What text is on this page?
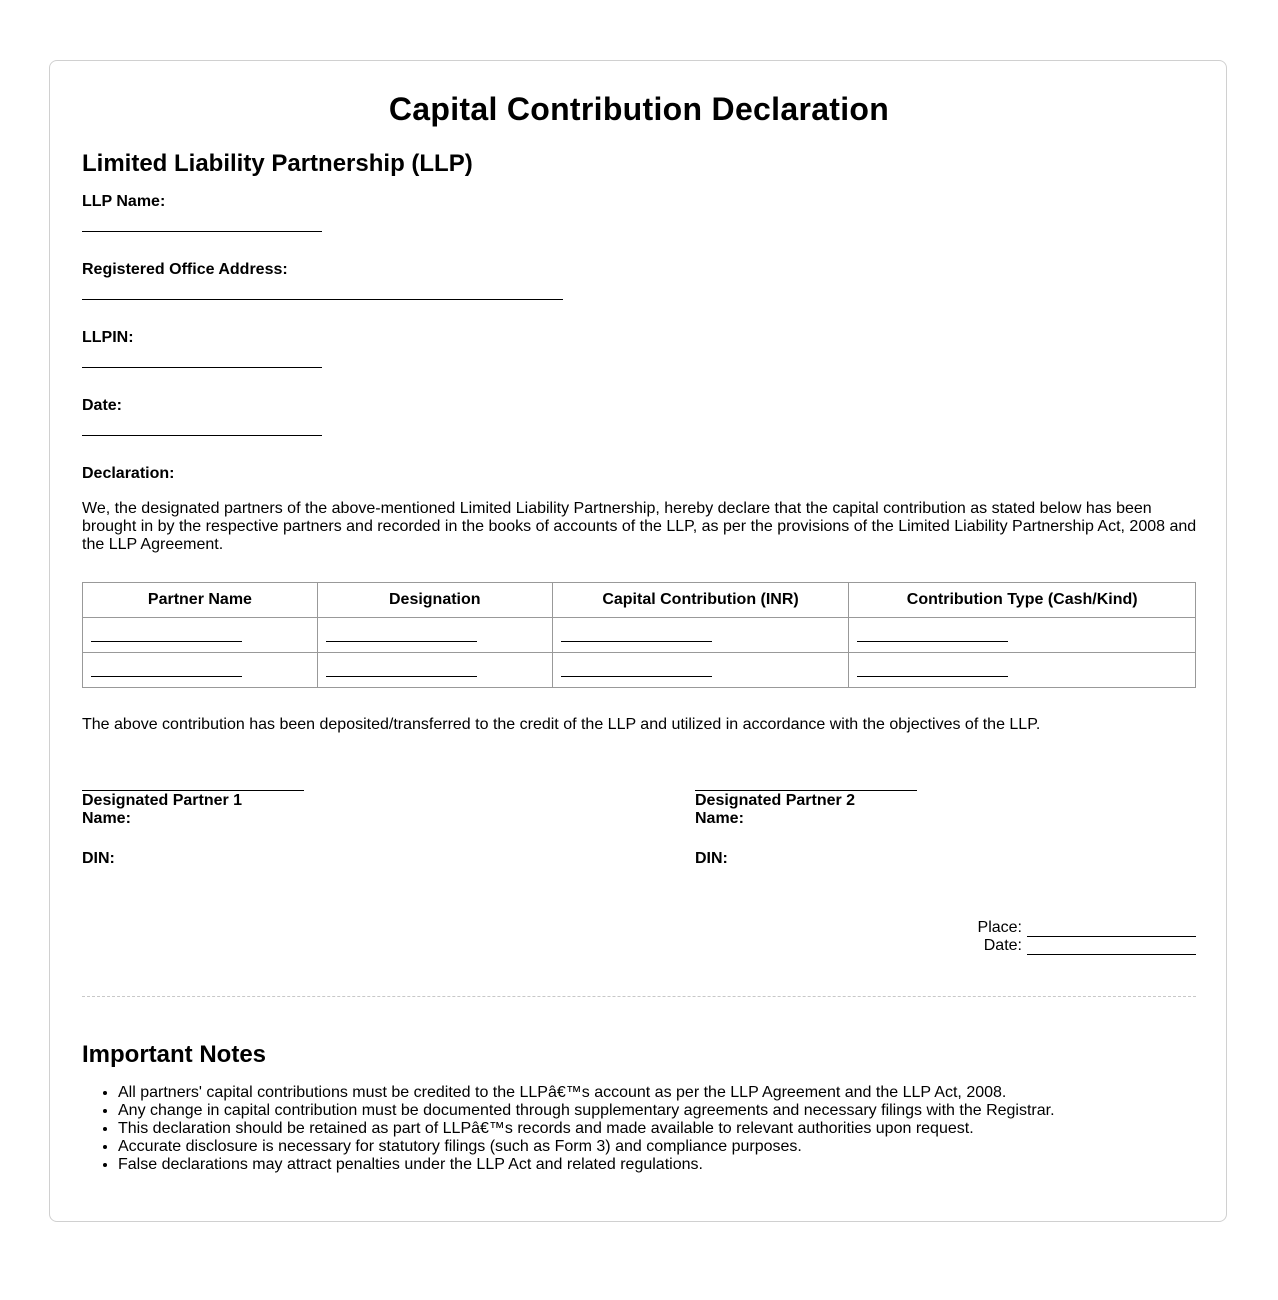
Capital Contribution Declaration
Limited Liability Partnership (LLP)
LLP Name:
Registered Office Address:
LLPIN:
Date:
Declaration:
We, the designated partners of the above-mentioned Limited Liability Partnership, hereby declare that the capital contribution as stated below has been brought in by the respective partners and recorded in the books of accounts of the LLP, as per the provisions of the Limited Liability Partnership Act, 2008 and the LLP Agreement.
Partner Name	Designation	Capital Contribution (INR)	Contribution Type (Cash/Kind)

The above contribution has been deposited/transferred to the credit of the LLP and utilized in accordance with the objectives of the LLP.
Designated Partner 1
Name:
DIN:
Designated Partner 2
Name:
DIN:
Place:
Date:
Important Notes
• All partners' capital contributions must be credited to the LLPâ€™s account as per the LLP Agreement and the LLP Act, 2008.
• Any change in capital contribution must be documented through supplementary agreements and necessary filings with the Registrar.
• This declaration should be retained as part of LLPâ€™s records and made available to relevant authorities upon request.
• Accurate disclosure is necessary for statutory filings (such as Form 3) and compliance purposes.
• False declarations may attract penalties under the LLP Act and related regulations.
